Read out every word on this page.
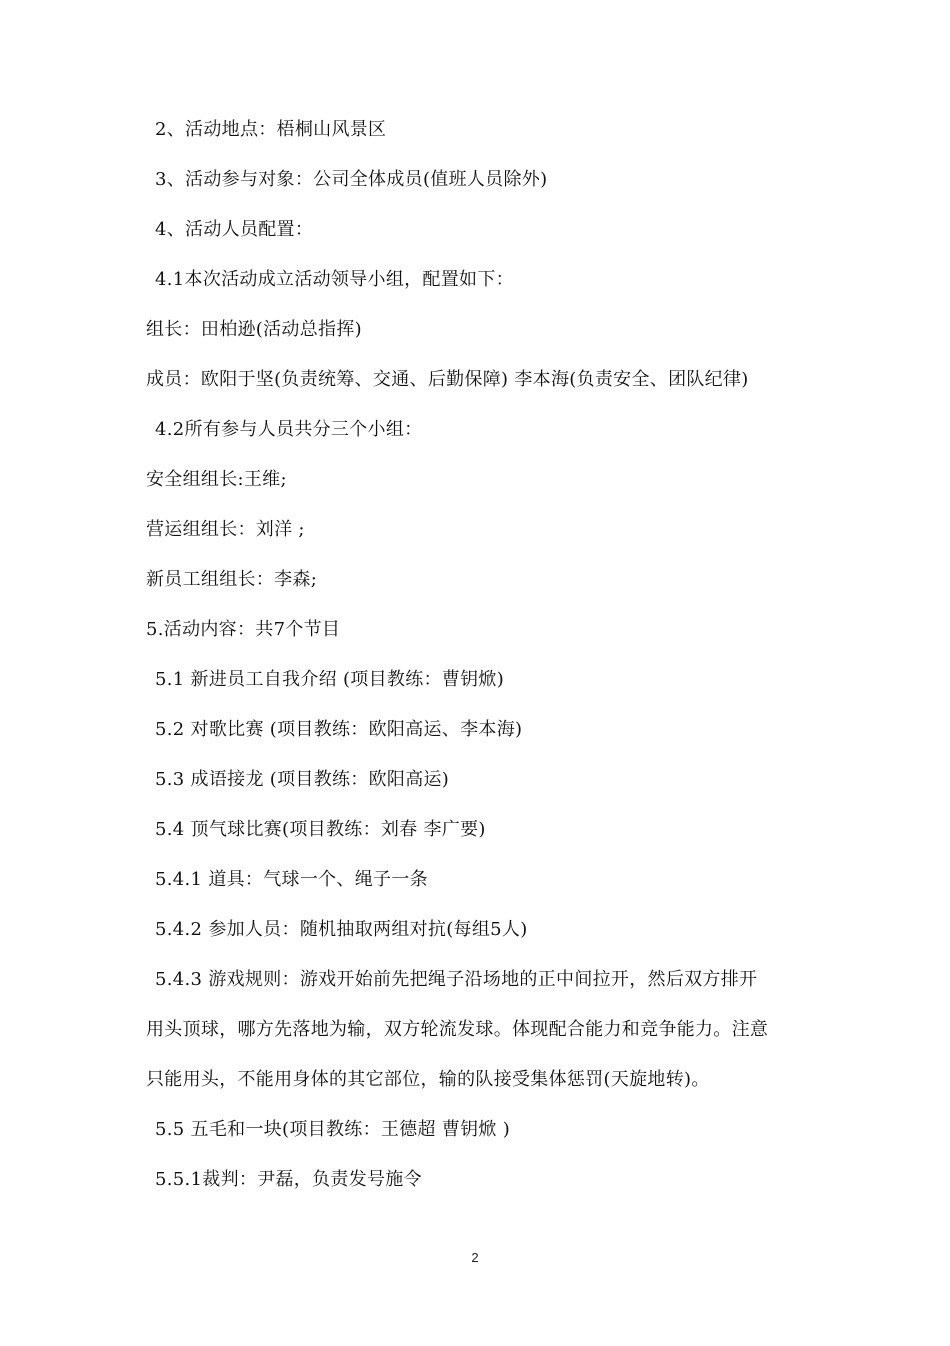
2、活动地点：梧桐山风景区
3、活动参与对象：公司全体成员(值班人员除外)
4、活动人员配置：
4.1本次活动成立活动领导小组，配置如下：
组长：田柏逊(活动总指挥)
成员：欧阳于坚(负责统筹、交通、后勤保障) 李本海(负责安全、团队纪律)
4.2所有参与人员共分三个小组：
安全组组长:王维;
营运组组长：刘洋 ;
新员工组组长：李森;
5.活动内容：共7个节目
5.1 新进员工自我介绍 (项目教练：曹钥焮)
5.2 对歌比赛 (项目教练：欧阳高运、李本海)
5.3 成语接龙 (项目教练：欧阳高运)
5.4 顶气球比赛(项目教练：刘春 李广要)
5.4.1 道具：气球一个、绳子一条
5.4.2 参加人员：随机抽取两组对抗(每组5人)
5.4.3 游戏规则：游戏开始前先把绳子沿场地的正中间拉开，然后双方排开
用头顶球，哪方先落地为输，双方轮流发球。体现配合能力和竞争能力。注意
只能用头，不能用身体的其它部位，输的队接受集体惩罚(天旋地转)。
5.5 五毛和一块(项目教练：王德超 曹钥焮 )
5.5.1裁判：尹磊，负责发号施令
2
